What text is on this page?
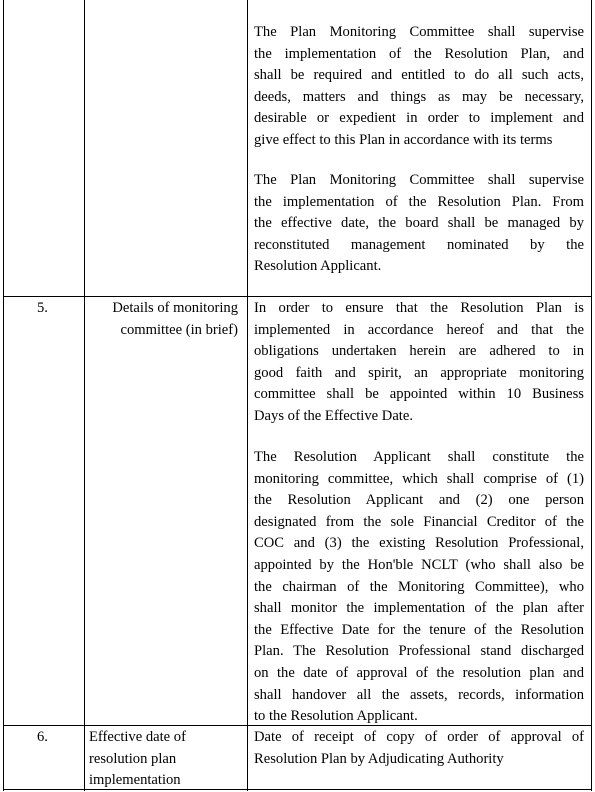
The Plan Monitoring Committee shall supervise
the implementation of the Resolution Plan, and
shall be required and entitled to do all such acts,
deeds, matters and things as may be necessary,
desirable or expedient in order to implement and
give effect to this Plan in accordance with its terms
The Plan Monitoring Committee shall supervise
the implementation of the Resolution Plan. From
the effective date, the board shall be managed by
reconstituted management nominated by the
Resolution Applicant.
5.	Details of monitoring
committee (in brief)
In order to ensure that the Resolution Plan is
implemented in accordance hereof and that the
obligations undertaken herein are adhered to in
good faith and spirit, an appropriate monitoring
committee shall be appointed within 10 Business
Days of the Effective Date.
The Resolution Applicant shall constitute the
monitoring committee, which shall comprise of (1)
the Resolution Applicant and (2) one person
designated from the sole Financial Creditor of the
COC and (3) the existing Resolution Professional,
appointed by the Hon'ble NCLT (who shall also be
the chairman of the Monitoring Committee), who
shall monitor the implementation of the plan after
the Effective Date for the tenure of the Resolution
Plan. The Resolution Professional stand discharged
on the date of approval of the resolution plan and
shall handover all the assets, records, information
to the Resolution Applicant.
6.	Effective date of
resolution plan
implementation
Date of receipt of copy of order of approval of
Resolution Plan by Adjudicating Authority
